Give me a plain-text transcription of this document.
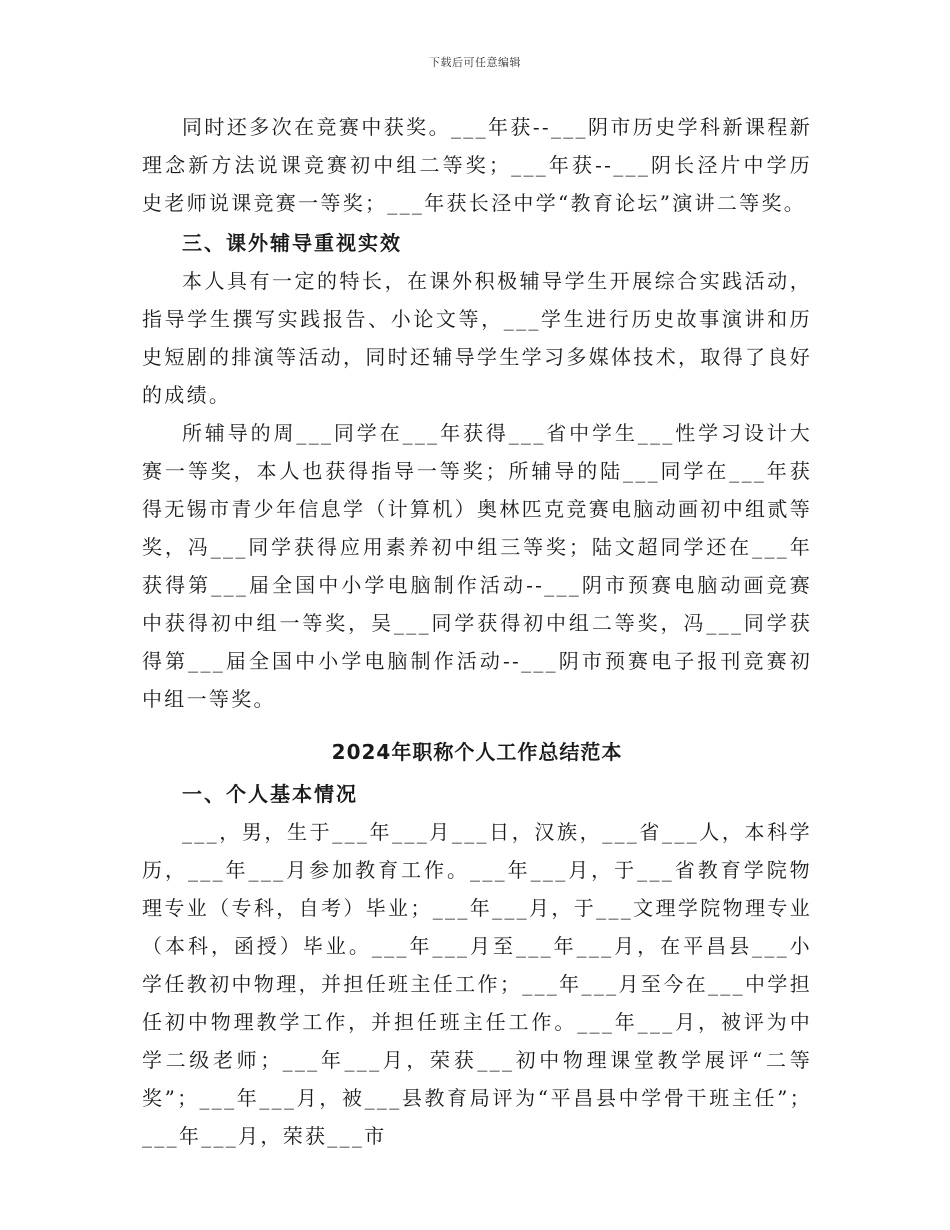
下载后可任意编辑

同时还多次在竞赛中获奖。___年获--___阴市历史学科新课程新理念新方法说课竞赛初中组二等奖；___年获--___阴长泾片中学历史老师说课竞赛一等奖；___年获长泾中学“教育论坛”演讲二等奖。

三、课外辅导重视实效

本人具有一定的特长，在课外积极辅导学生开展综合实践活动，指导学生撰写实践报告、小论文等，___学生进行历史故事演讲和历史短剧的排演等活动，同时还辅导学生学习多媒体技术，取得了良好的成绩。

所辅导的周___同学在___年获得___省中学生___性学习设计大赛一等奖，本人也获得指导一等奖；所辅导的陆___同学在___年获得无锡市青少年信息学（计算机）奥林匹克竞赛电脑动画初中组贰等奖，冯___同学获得应用素养初中组三等奖；陆文超同学还在___年获得第___届全国中小学电脑制作活动--___阴市预赛电脑动画竞赛中获得初中组一等奖，吴___同学获得初中组二等奖，冯___同学获得第___届全国中小学电脑制作活动--___阴市预赛电子报刊竞赛初中组一等奖。

2024年职称个人工作总结范本
一、个人基本情况

___，男，生于___年___月___日，汉族，___省___人，本科学历，___年___月参加教育工作。___年___月，于___省教育学院物理专业（专科，自考）毕业；___年___月，于___文理学院物理专业（本科，函授）毕业。___年___月至___年___月，在平昌县___小学任教初中物理，并担任班主任工作；___年___月至今在___中学担任初中物理教学工作，并担任班主任工作。___年___月，被评为中学二级老师；___年___月，荣获___初中物理课堂教学展评“二等奖”；___年___月，被___县教育局评为“平昌县中学骨干班主任”；___年___月，荣获___市
